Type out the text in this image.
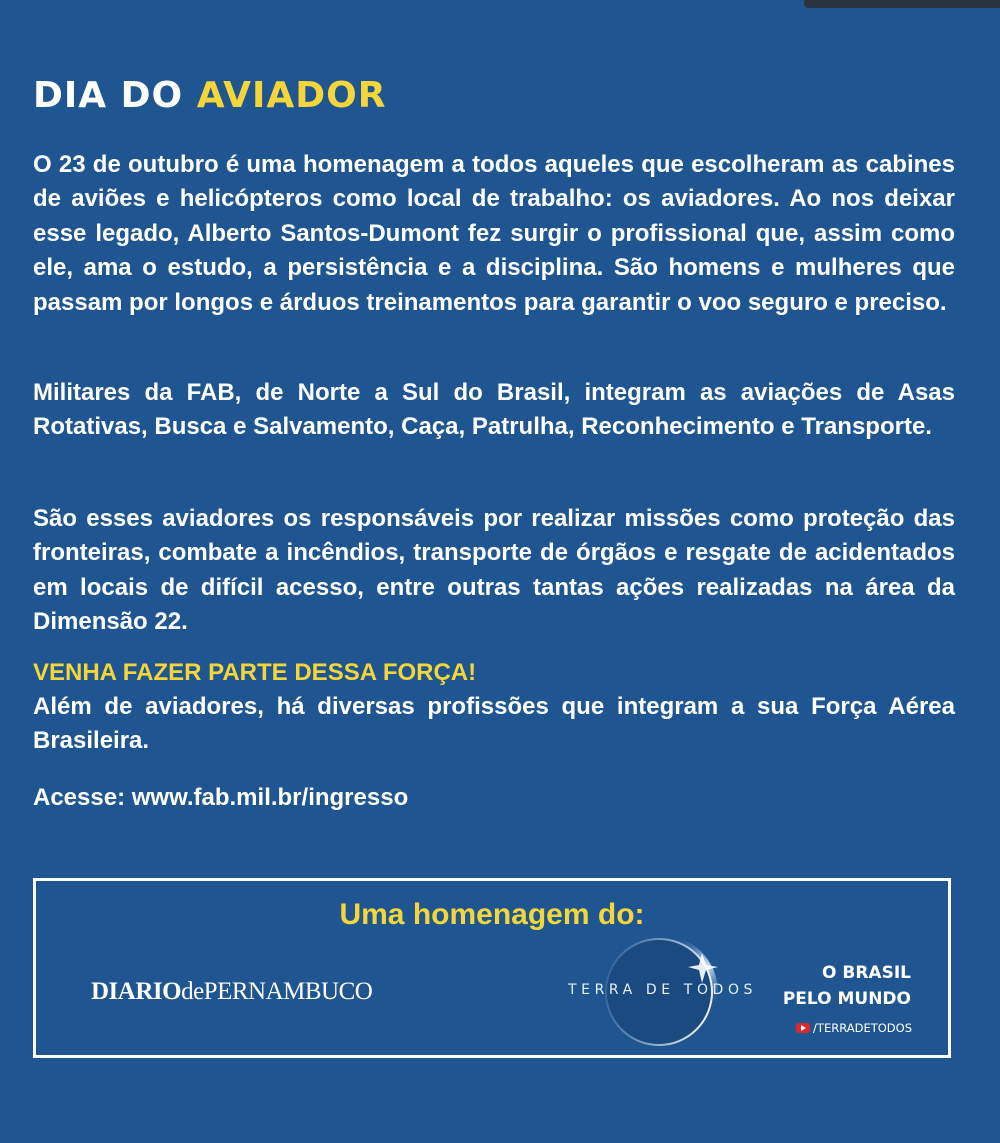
DIA DO AVIADOR

O 23 de outubro é uma homenagem a todos aqueles que escolheram as cabines de aviões e helicópteros como local de trabalho: os aviadores. Ao nos deixar esse legado, Alberto Santos-Dumont fez surgir o profissional que, assim como ele, ama o estudo, a persistência e a disciplina. São homens e mulheres que passam por longos e árduos treinamentos para garantir o voo seguro e preciso.

Militares da FAB, de Norte a Sul do Brasil, integram as aviações de Asas Rotativas, Busca e Salvamento, Caça, Patrulha, Reconhecimento e Transporte.

São esses aviadores os responsáveis por realizar missões como proteção das fronteiras, combate a incêndios, transporte de órgãos e resgate de acidentados em locais de difícil acesso, entre outras tantas ações realizadas na área da Dimensão 22.

VENHA FAZER PARTE DESSA FORÇA!

Além de aviadores, há diversas profissões que integram a sua Força Aérea Brasileira.

Acesse: www.fab.mil.br/ingresso

Uma homenagem do:
DIARIOdePERNAMBUCO	TERRA DE TODOS
O BRASIL
PELO MUNDO
/TERRADETODOS
